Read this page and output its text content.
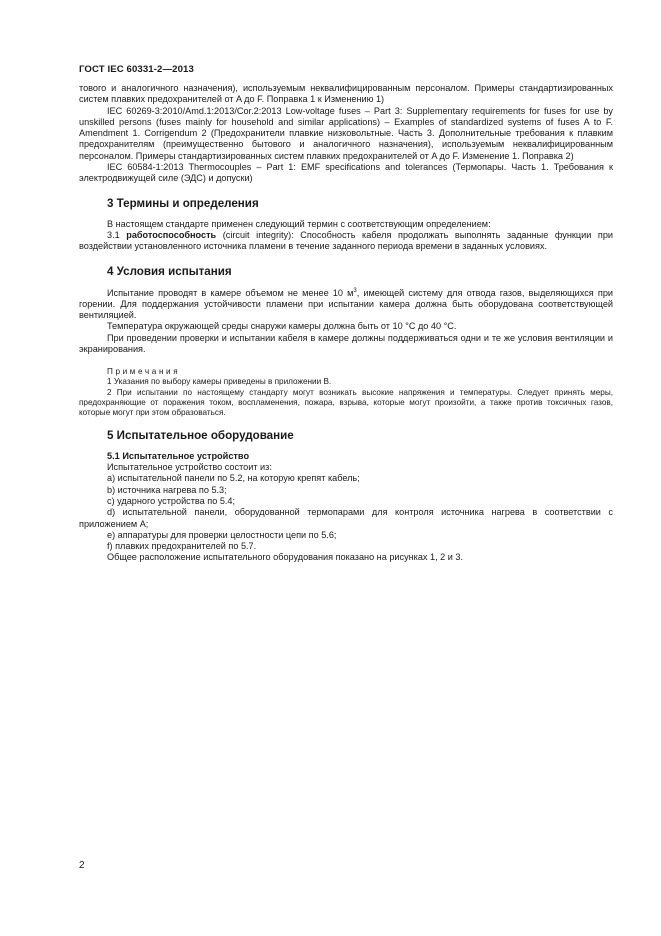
ГОСТ IEC 60331-2—2013

тового и аналогичного назначения), используемым неквалифицированным персоналом. Примеры стандартизированных систем плавких предохранителей от A до F. Поправка 1 к Изменению 1)

IEC 60269-3:2010/Amd.1:2013/Cor.2:2013 Low-voltage fuses – Part 3: Supplementary requirements for fuses for use by unskilled persons (fuses mainly for household and similar applications) – Examples of standardized systems of fuses A to F. Amendment 1. Corrigendum 2 (Предохранители плавкие низковольтные. Часть 3. Дополнительные требования к плавким предохранителям (преимущественно бытового и аналогичного назначения), используемым неквалифицированным персоналом. Примеры стандартизированных систем плавких предохранителей от A до F. Изменение 1. Поправка 2)

IEC 60584-1:2013 Thermocouples – Part 1: EMF specifications and tolerances (Термопары. Часть 1. Требования к электродвижущей силе (ЭДС) и допуски)

3 Термины и определения

В настоящем стандарте применен следующий термин с соответствующим определением:

3.1 работоспособность (circuit integrity): Способность кабеля продолжать выполнять заданные функции при воздействии установленного источника пламени в течение заданного периода времени в заданных условиях.

4 Условия испытания

Испытание проводят в камере объемом не менее 10 $м^3$, имеющей систему для отвода газов, выделяющихся при горении. Для поддержания устойчивости пламени при испытании камера должна быть оборудована соответствующей вентиляцией.

Температура окружающей среды снаружи камеры должна быть от 10 °С до 40 °С.

При проведении проверки и испытании кабеля в камере должны поддерживаться одни и те же условия вентиляции и экранирования.

Примечания

1 Указания по выбору камеры приведены в приложении В.

2 При испытании по настоящему стандарту могут возникать высокие напряжения и температуры. Следует принять меры, предохраняющие от поражения током, воспламенения, пожара, взрыва, которые могут произойти, а также против токсичных газов, которые могут при этом образоваться.

5 Испытательное оборудование
5.1 Испытательное устройство

Испытательное устройство состоит из:

a) испытательной панели по 5.2, на которую крепят кабель;

b) источника нагрева по 5.3;

c) ударного устройства по 5.4;

d) испытательной панели, оборудованной термопарами для контроля источника нагрева в соответствии с приложением А;

e) аппаратуры для проверки целостности цепи по 5.6;

f) плавких предохранителей по 5.7.

Общее расположение испытательного оборудования показано на рисунках 1, 2 и 3.

2
